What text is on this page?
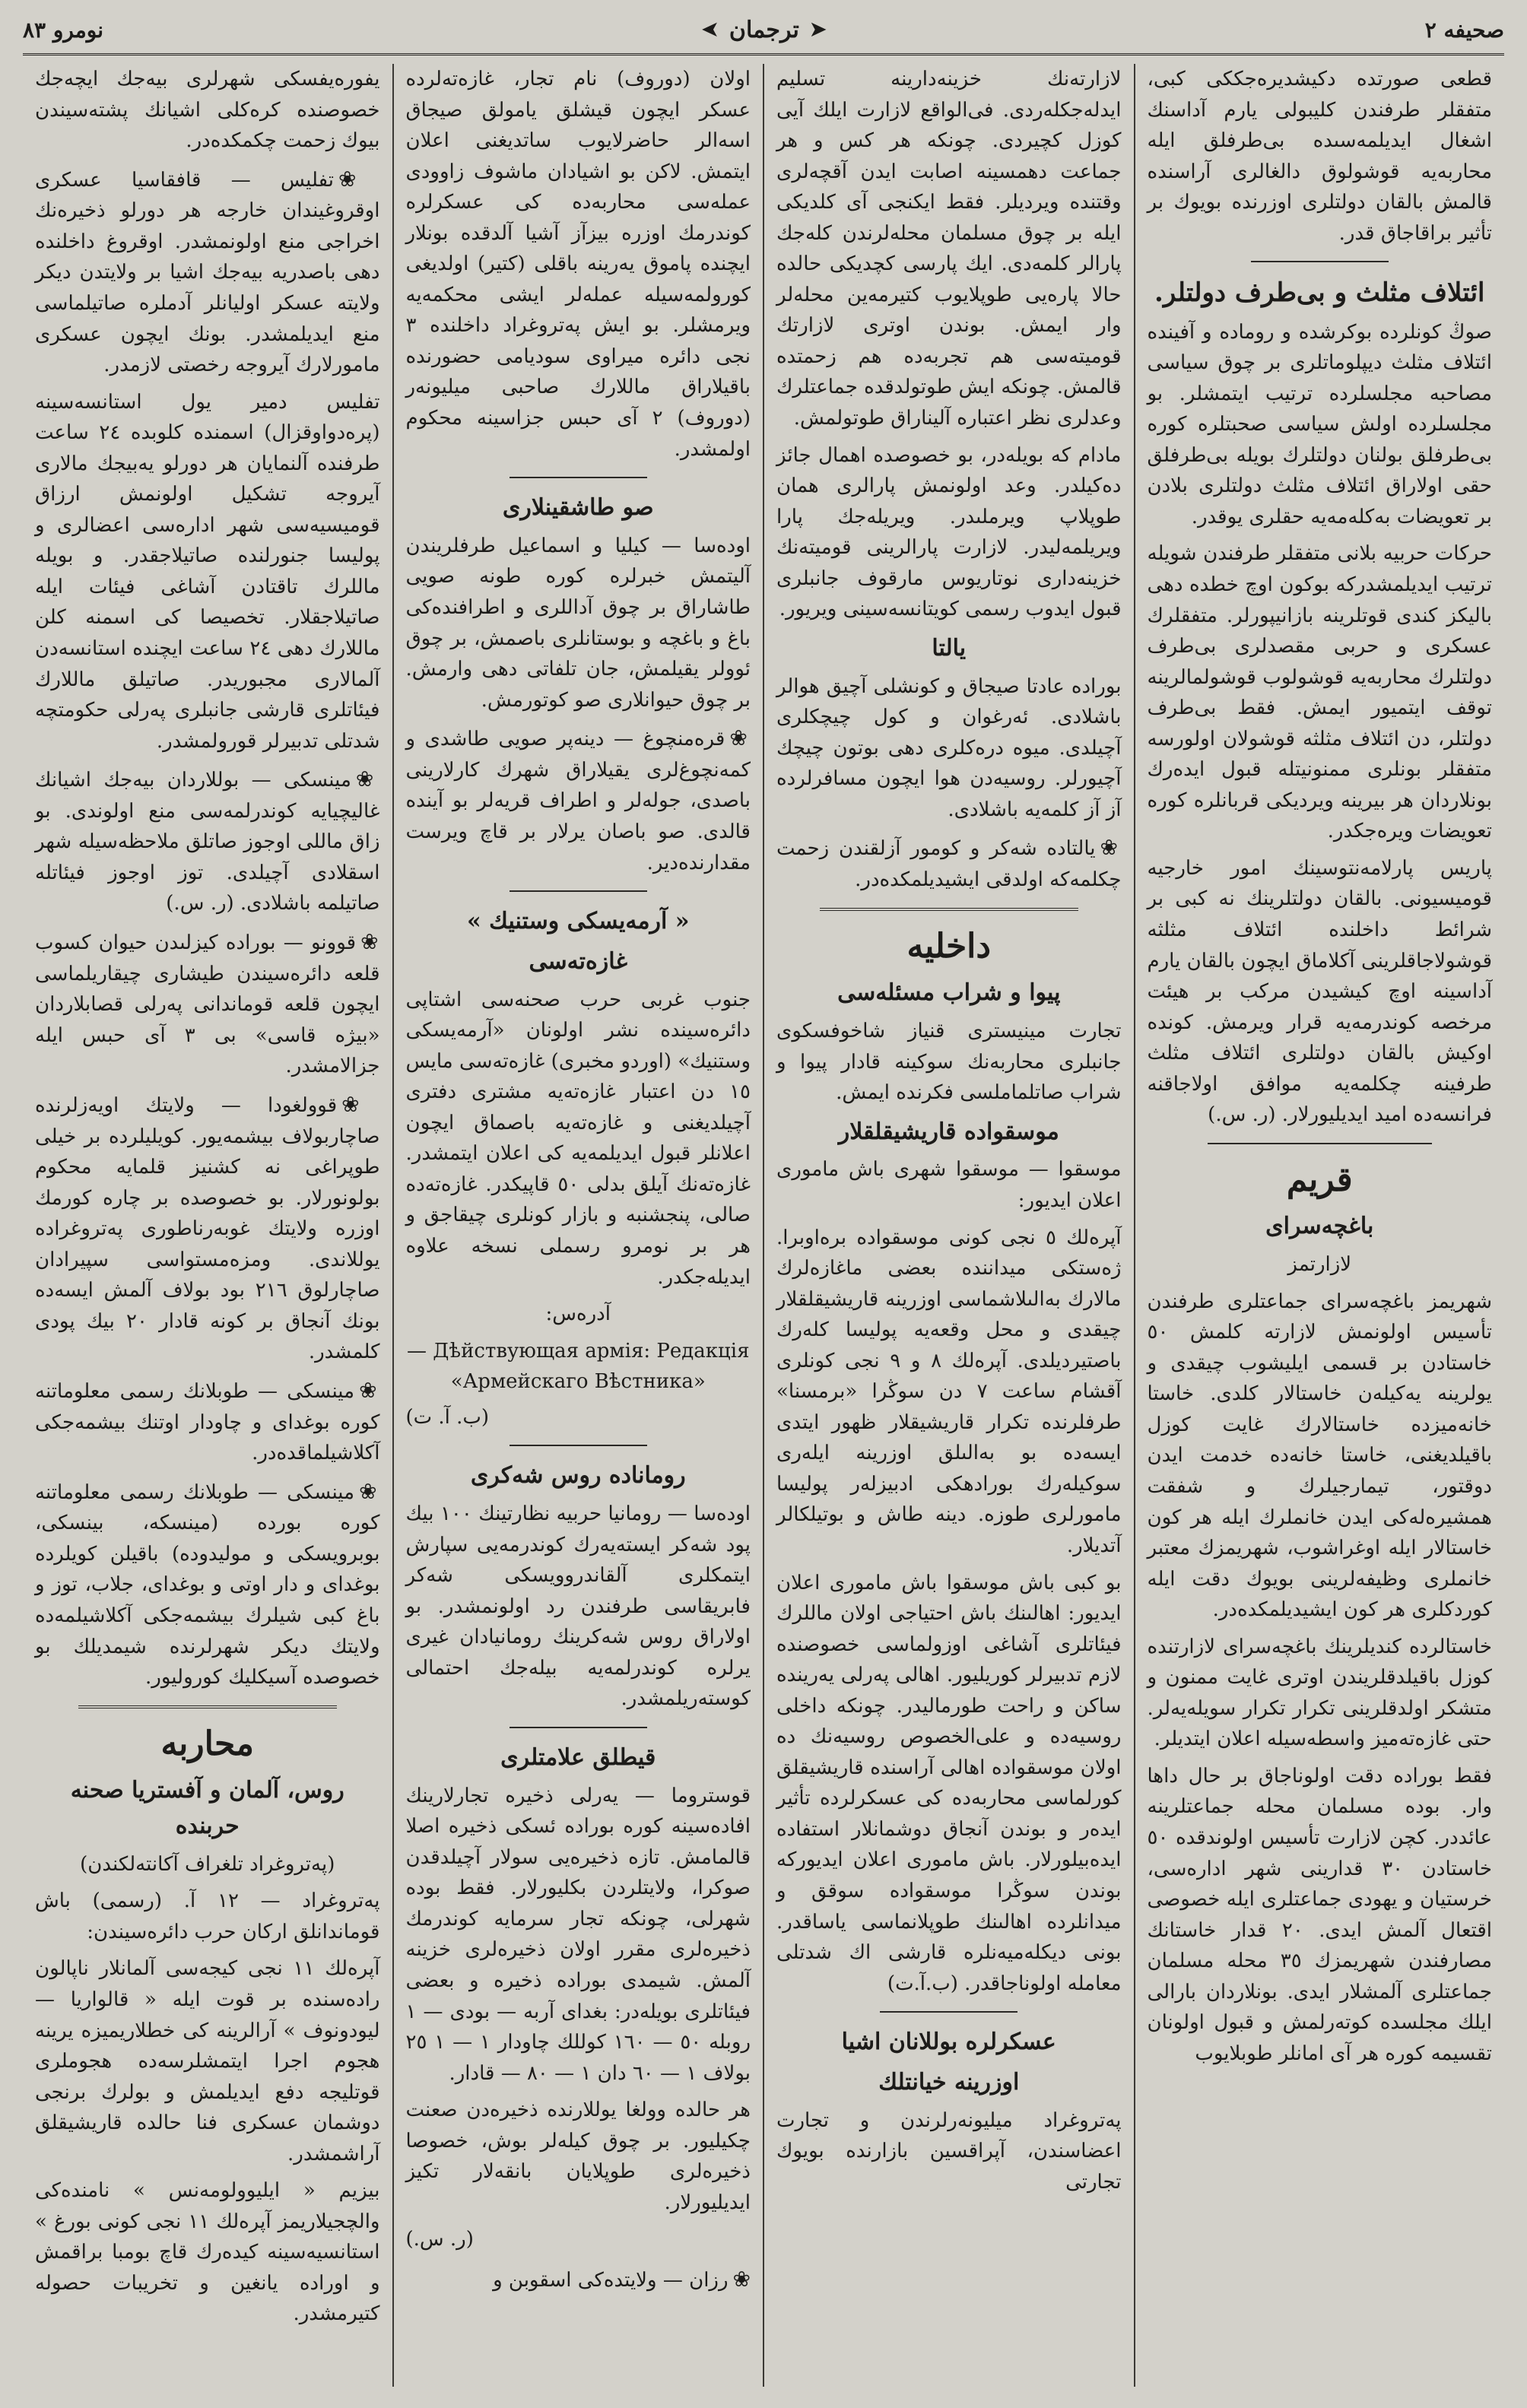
صحيفه ٢
➤
ترجمان
➤
نومرو ٨٣

قطعى صورتده دكيشديرەجككى كبى، متفقلر طرفندن كليبولى يارم آداسنك اشغال ايديلمەسىده بى‌طرفلق ايله محاربەيه قوشولوق دالغالرى آراسنده قالمش بالقان دولتلرى اوزرنده بويوك بر تأثير براقاجاق قدر.

ائتلاف مثلث و بى‌طرف دولتلر.

صوڭ كونلرده بوكرشده و روماده و آفينده ائتلاف مثلث ديپلوماتلرى بر چوق سياسى مصاحبه مجلسلرده ترتيب ايتمشلر. بو مجلسلرده اولش سياسى صحبتلره كوره بى‌طرفلق بولنان دولتلرك بويله بى‌طرفلق حقى اولاراق ائتلاف مثلث دولتلرى بلادن بر تعويضات بەكلەمەيه حقلرى يوقدر.

حركات حربيه بلانى متفقلر طرفندن شويله ترتيب ايديلمشدركه بوكون اوچ خطده دهى باليكز كندى قوتلرينه بازانيپورلر. متفقلرك عسكرى و حربى مقصدلرى بى‌طرف دولتلرك محاربەيه قوشولوب قوشولمالرينه توقف ايتميور ايمش. فقط بى‌طرف دولتلر، دن ائتلاف مثلثه قوشولان اولورسه متفقلر بونلرى ممنونيتله قبول ايدەرك بونلاردان هر بيرينه ويرديكى قربانلره كوره تعويضات ويرەجكدر.

پاريس پارلامەنتوسينك امور خارجيه قوميسيونى. بالقان دولتلرينك نه كبى بر شرائط داخلنده ائتلاف مثلثه قوشولاجاقلرينى آكلاماق ايچون بالقان يارم آداسينه اوچ كيشيدن مركب بر هيئت مرخصه كوندرمەيه قرار ويرمش. كونده اوكيش بالقان دولتلرى ائتلاف مثلث طرفينه چكلمەيه موافق اولاجاقنه فرانسەده اميد ايديليورلار. (ر. س.)

قريم
باغچه‌سراى
لازارتمز

شهريمز باغچه‌سراى جماعتلرى طرفندن تأسيس اولونمش لازارته كلمش ٥٠ خاستادن بر قسمى ايليشوب چيقدى و يولرينه يەكيلەن خاستالار كلدى. خاستا خانەميزده خاستالارك غايت كوزل باقيلديغنى، خاستا خانەده خدمت ايدن دوقتور، تيمارجيلرك و شفقت همشيرەلەكى ايدن خانملرك ايله هر كون خاستالار ايله اوغراشوب، شهريمزك معتبر خانملرى وظيفەلرينى بويوك دقت ايله كوردكلرى هر كون ايشيديلمكدەدر.

خاستالرده كنديلرينك باغچه‌سراى لازارتنده كوزل باقيلدقلريندن اوترى غايت ممنون و متشكر اولدقلرينى تكرار تكرار سويلەيەلر. حتى غازەتەميز واسطەسيلە اعلان ايتديلر.

فقط بوراده دقت اولوناجاق بر حال داها وار. بوده مسلمان محله جماعتلرينه عائددر. كچن لازارت تأسيس اولوندقده ٥٠ خاستادن ٣٠ قدارينى شهر ادارەسى، خرستيان و يهودى جماعتلرى ايله خصوصى اقتعال آلمش ايدى. ٢٠ قدار خاستانك مصارفندن شهريمزك ٣٥ محله مسلمان جماعتلرى آلمشلار ايدى. بونلاردان بارالى ايلك مجلسده كوتەرلمش و قبول اولونان تقسيمە كوره هر آى امانلر طوبلايوب

لازارتەنك خزينەدارينە تسليم ايدلەجكلەردى. فى‌الواقع لازارت ايلك آيى كوزل كچيردى. چونكه هر كس و هر جماعت دهمسينه اصابت ايدن آقچەلرى وقتنده ويرديلر. فقط ايكنجى آى كلديكى ايله بر چوق مسلمان محلەلرندن كلەجك پارالر كلمەدى. ايك پارسى كچديكى حالده حالا پاره‌يى طوپلايوب كتيرمەين محلەلر وار ايمش. بوندن اوترى لازارتك قوميتەسى هم تجربەده هم زحمتده قالمش. چونكه ايش طوتولدقده جماعتلرك وعدلرى نظر اعتباره آليناراق طوتولمش.

مادام كه بويلەدر، بو خصوصده اهمال جائز دەكيلدر. وعد اولونمش پارالرى همان طوپلاپ ويرملىدر. ويريلەجك پارا ويريلمەليدر. لازارت پارالرينى قوميتەنك خزينەدارى نوتاريوس مارقوف جانبلرى قبول ايدوب رسمى كويتانسەسينى ويريور.

يالتا

بوراده عادتا صيجاق و كونشلى آچيق هوالر باشلادى. ئەرغوان و كول چيچكلرى آچيلدى. ميوه دره‌كلرى دهى بوتون چيچك آچيورلر. روسيەدن هوا ايچون مسافرلرده آز آز كلمەيه باشلادى.

❀يالتاده شەكر و كومور آزلقندن زحمت چكلمەكه اولدقى ايشيديلمكدەدر.

داخليه
پيوا و شراب مسئلەسى

تجارت مينيسترى قنياز شاخوفسكوى جانبلرى محاربەنك سوكينه قادار پيوا و شراب صاتلماملسى فكرنده ايمش.

موسقواده قاريشيقلقلار

موسقوا — موسقوا شهرى باش مامورى اعلان ايديور:

آپرەلك ٥ نجى كونى موسقواده برەاوبرا. ژەستكى ميداننده بعضى ماغازەلرك مالارك بەالىلاشماسى اوزرينه قاريشيقلقلار چيقدى و محل وقعەيه پوليسا كلەرك باصتيرديلدى. آپرەلك ٨ و ٩ نجى كونلرى آقشام ساعت ٧ دن سوڭرا «برمسنا» طرفلرنده تكرار قاريشيقلار ظهور ايتدى ايسه‌ده بو بەالىلق اوزرينه ايلەرى سوكيلەرك بورادهكى ادبيزلەر پوليسا مامورلرى طوزه. دينه طاش و بوتيلكالر آتديلار.

بو كبى باش موسقوا باش مامورى اعلان ايديور: اهالىنك باش احتياجى اولان ماللرك فيئاتلرى آشاغى اوزولماسى خصوصنده لازم تدبيرلر كوريليور. اهالى پەرلى يەرينده ساكن و راحت طورماليدر. چونكه داخلى روسيەده و على‌الخصوص روسيەنك ده اولان موسقواده اهالى آراسنده قاريشيقلق كورلماسى محاربەده كى عسكرلرده تأثير ايدەر و بوندن آنجاق دوشمانلار استفاده ايدەبيلورلار. باش مامورى اعلان ايديوركه بوندن سوڭرا موسقواده سوقق و ميدانلرده اهالىنك طوپلانماسى ياساقدر. بونى ديكلەميەنلره قارشى اك شدتلى معامله اولوناجاقدر. (ب.آ.ت)

عسكرلره بوللانان اشيا
اوزرينه خيانتلك

پەتروغراد ميليونەرلرندن و تجارت اعضاسندن، آپراقسين بازارنده بويوك تجارتى

اولان (دوروف) نام تجار، غازەتەلرده عسكر ايچون قيشلق يامولق صيجاق اسەالر حاضرلايوب ساتديغنى اعلان ايتمش. لاكن بو اشيادان ماشوف زاوودى عملەسى محاربەده كى عسكرلره كوندرمك اوزره بيزآز آشيا آلدقده بونلار ايچنده پاموق يەرينه باقلى (كتير) اولديغى كورولمەسيلە عملەلر ايشى محكمەيه ويرمشلر. بو ايش پەتروغراد داخلنده ٣ نجى دائره ميراوى سوديامى حضورنده باقيلاراق ماللارك صاحبى ميليونەر (دوروف) ٢ آى حبس جزاسينه محكوم اولمشدر.

صو طاشقينلارى

اودەسا — كيليا و اسماعيل طرفلريندن آليتمش خبرلره كوره طونه صويى طاشاراق بر چوق آداللرى و اطرافندەكى باغ و باغچه و بوستانلرى باصمش، بر چوق ئوولر يقيلمش، جان تلفاتى دهى وارمش. بر چوق حيوانلارى صو كوتورمش.

❀قرەمنچوغ — دينەپر صويى طاشدى و كمەنچوغ‌لرى يقيلاراق شهرك كارلارينى باصدى، جولەلر و اطراف قريەلر بو آينده قالدى. صو باصان يرلار بر قاچ ويرست مقدارنده‌دير.

« آرمەيسكى وستنيك »
غازەتەسى

جنوب غربى حرب صحنەسى اشتاپى دائرەسينده نشر اولونان «آرمەيسكى وستنيك» (اوردو مخبرى) غازەتەسى مايس ١٥ دن اعتبار غازەتەيه مشترى دفترى آچيلديغنى و غازەتەيه باصماق ايچون اعلانلر قبول ايديلمەيه كى اعلان ايتمشدر. غازەتەنك آيلق بدلى ٥٠ قاپيكدر. غازەتەده صالى، پنجشنبه و بازار كونلرى چيقاجق و هر بر نومرو رسملى نسخە علاوه ايديلەجكدر.

آدرەس:
— Дѣйствующая армія: Редакція «Армейскаго Вѣстника»
(ب. آ. ت)
روماناده روس شەكرى

اودەسا — رومانيا حربيه نظارتينك ١٠٠ بيك پود شەكر ايستەيەرك كوندرمەيى سپارش ايتمكلرى آلقاندروويسكى شەكر فابريقاسى طرفندن رد اولونمشدر. بو اولاراق روس شەكرينك رومانيادان غيرى يرلره كوندرلمەيه بيلەجك احتمالى كوستەريلمشدر.

قيطلق علامتلرى

قوستروما — يەرلى ذخيره تجارلارينك افادەسينه كوره بوراده ئسكى ذخيره اصلا قالمامش. تازه ذخيرەيى سولار آچيلدقدن صوكرا، ولايتلردن بكليورلار. فقط بوده شهرلى، چونكه تجار سرمايه كوندرمك ذخيرەلرى مقرر اولان ذخيرەلرى خزينه آلمش. شيمدى بوراده ذخيره و بعضى فيئاتلرى بويلەدر: بغداى آربه — بودى — ١ روبله ٥٠ — ١٦٠ كوللك چاودار ١ — ١ ٢٥ بولاف ١ — ٦٠ دان ١ — ٨٠ — قادار.

هر حالده وولغا يوللارنده ذخيرەدن صعنت چكيليور. بر چوق كيلەلر بوش، خصوصا ذخيرەلرى طوپلايان بانقەلار تكيز ايديليورلار.

(ر. س.)

❀رزان — ولايتده‌كى اسقوبن و

يفورەيفسكى شهرلرى بيەجك ايچەجك خصوصنده كرەكلى اشيانك پشته‌سيندن بيوك زحمت چكمكدەدر.

❀تفليس — قافقاسيا عسكرى اوقروغيندان خارجه هر دورلو ذخيرەنك اخراجى منع اولونمشدر. اوقروغ داخلنده دهى باصدريه بيەجك اشيا بر ولايتدن ديكر ولايته عسكر اوليانلر آدملره صاتيلماسى منع ايديلمشدر. بونك ايچون عسكرى مامورلارك آيروجه رخصتى لازمدر.

تفليس دمير يول استانسەسينه (پرەدواوقزال) اسمنده كلوبده ٢٤ ساعت طرفنده آلنمايان هر دورلو يەبيجك مالارى آيروجه تشكيل اولونمش ارزاق قوميسيەسى شهر ادارەسى اعضالرى و پوليسا جنورلنده صاتيلاجقدر. و بويله ماللرك تاقتادن آشاغى فيئات ايله صاتيلاجقلار. تخصيصا كى اسمنه كلن ماللارك دهى ٢٤ ساعت ايچنده استانسەدن آلمالارى مجبوريدر. صاتيلق ماللارك فيئاتلرى قارشى جانبلرى پەرلى حكومتچه شدتلى تدبيرلر قورولمشدر.

❀مينسكى — بوللاردان بيەجك اشيانك غاليچيايه كوندرلمەسى منع اولوندى. بو زاق ماللى اوجوز صاتلق ملاحظەسيله شهر اسقلادى آچيلدى. توز اوجوز فيئاتله صاتيلمه باشلادى. (ر. س.)

❀قوونو — بوراده كيزلىدن حيوان كسوب قلعه دائرەسيندن طيشارى چيقاريلماسى ايچون قلعه قوماندانى پەرلى قصابلاردان «بيژه قاسى» بى ٣ آى حبس ايله جزالامشدر.

❀قوولغودا — ولايتك اويەزلرنده صاچاربولاف بيشمەيور. كويليلرده بر خيلى طوپراغى نه كشنيز قلمايه محكوم بولونورلار. بو خصوصده بر چاره كورمك اوزره ولايتك غوبەرناطورى پەتروغراده يوللاندى. ومزەمستواسى سپيرادان صاچارلوق ٢١٦ بود بولاف آلمش ايسەده بونك آنجاق بر كونه قادار ٢٠ بيك پودى كلمشدر.

❀مينسكى — طوبلانك رسمى معلوماتنه كوره بوغداى و چاودار اوتنك بيشمەجكى آكلاشيلماقدەدر.

❀مينسكى — طوبلانك رسمى معلوماتنه كوره بورده (مينسكه، بينسكى، بوبرويسكى و موليدوده) باقيلن كويلرده بوغداى و دار اوتى و بوغداى، جلاب، توز و باغ كبى شيلرك بيشمەجكى آكلاشيلمەده ولايتك ديكر شهرلرنده شيمديلك بو خصوصده آسيكليك كوروليور.

محاربه
روس، آلمان و آفستريا صحنه حربنده
(پەتروغراد تلغراف آكانتەلكندن)

پەتروغراد — ١٢ آ. (رسمى) باش قوماندانلق اركان حرب دائرەسيندن:

آپرەلك ١١ نجى كيجەسى آلمانلار ناپالون رادەسنده بر قوت ايله « قالواريا — ليودونوف » آرالرينه كى خطلاريميزه يرينه هجوم اجرا ايتمشلرسەده هجوملرى قوتليجه دفع ايديلمش و بولرك برنجى دوشمان عسكرى فنا حالده قاريشيقلق آراشمشدر.

بيزيم « ايليوولومەنس » نامندەكى والچجيلاريمز آپرەلك ١١ نجى كونى بورغ » استانسيەسينه كيدەرك قاچ بومبا براقمش و اوراده يانغين و تخريبات حصوله كتيرمشدر.
